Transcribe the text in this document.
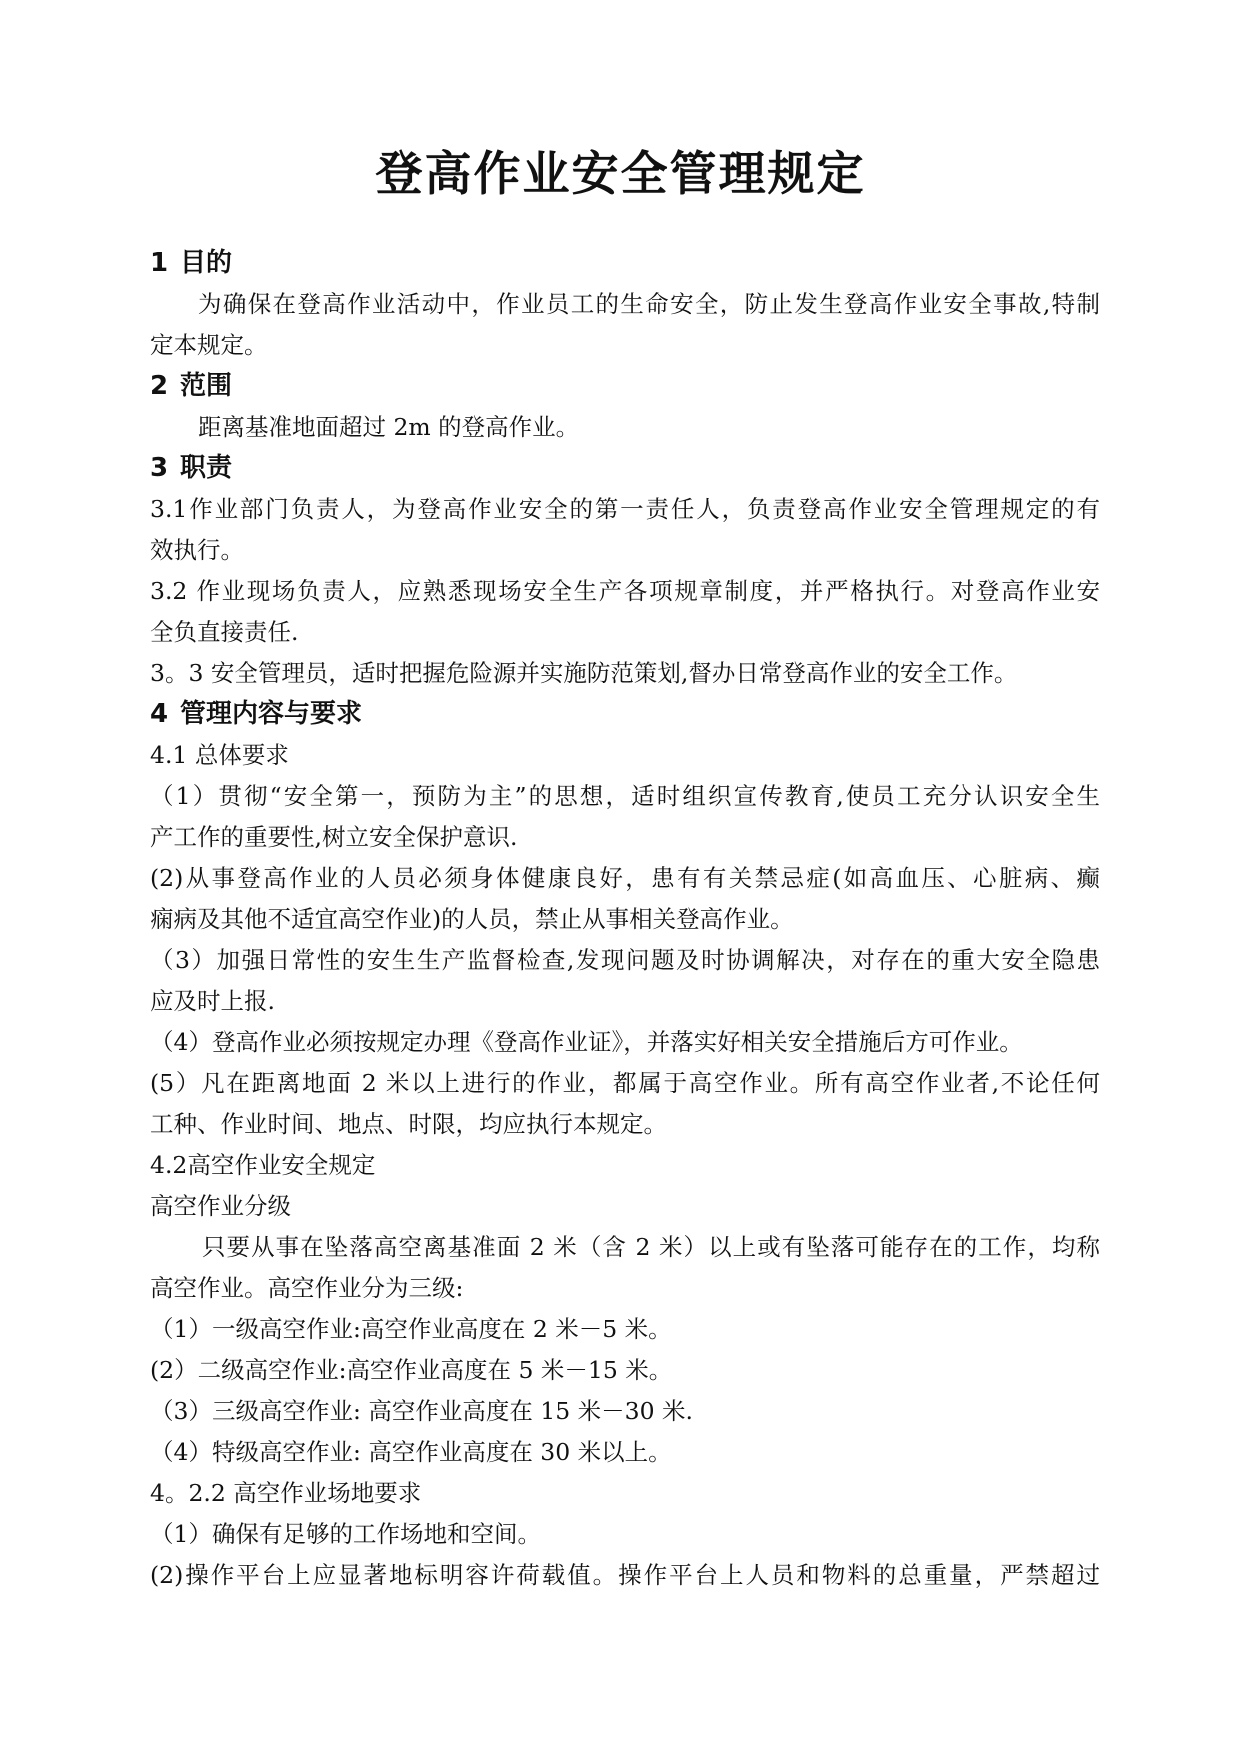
登高作业安全管理规定
1 目的
为确保在登高作业活动中，作业员工的生命安全，防止发生登高作业安全事故,特制
定本规定。
2 范围
距离基准地面超过 2m 的登高作业。
3 职责
3.1作业部门负责人，为登高作业安全的第一责任人，负责登高作业安全管理规定的有
效执行。
3.2 作业现场负责人，应熟悉现场安全生产各项规章制度，并严格执行。对登高作业安
全负直接责任.
3。3 安全管理员，适时把握危险源并实施防范策划,督办日常登高作业的安全工作。
4 管理内容与要求
4.1 总体要求
（1）贯彻“安全第一，预防为主”的思想，适时组织宣传教育,使员工充分认识安全生
产工作的重要性,树立安全保护意识.
(2)从事登高作业的人员必须身体健康良好，患有有关禁忌症(如高血压、心脏病、癫
痫病及其他不适宜高空作业)的人员，禁止从事相关登高作业。
（3）加强日常性的安生生产监督检查,发现问题及时协调解决，对存在的重大安全隐患
应及时上报.
（4）登高作业必须按规定办理《登高作业证》，并落实好相关安全措施后方可作业。
(5）凡在距离地面 2 米以上进行的作业，都属于高空作业。所有高空作业者,不论任何
工种、作业时间、地点、时限，均应执行本规定。
4.2高空作业安全规定
高空作业分级
只要从事在坠落高空离基准面 2 米（含 2 米）以上或有坠落可能存在的工作，均称
高空作业。高空作业分为三级:
（1）一级高空作业:高空作业高度在 2 米－5 米。
(2）二级高空作业:高空作业高度在 5 米－15 米。
（3）三级高空作业: 高空作业高度在 15 米－30 米.
（4）特级高空作业: 高空作业高度在 30 米以上。
4。2.2 高空作业场地要求
（1）确保有足够的工作场地和空间。
(2)操作平台上应显著地标明容许荷载值。操作平台上人员和物料的总重量，严禁超过
